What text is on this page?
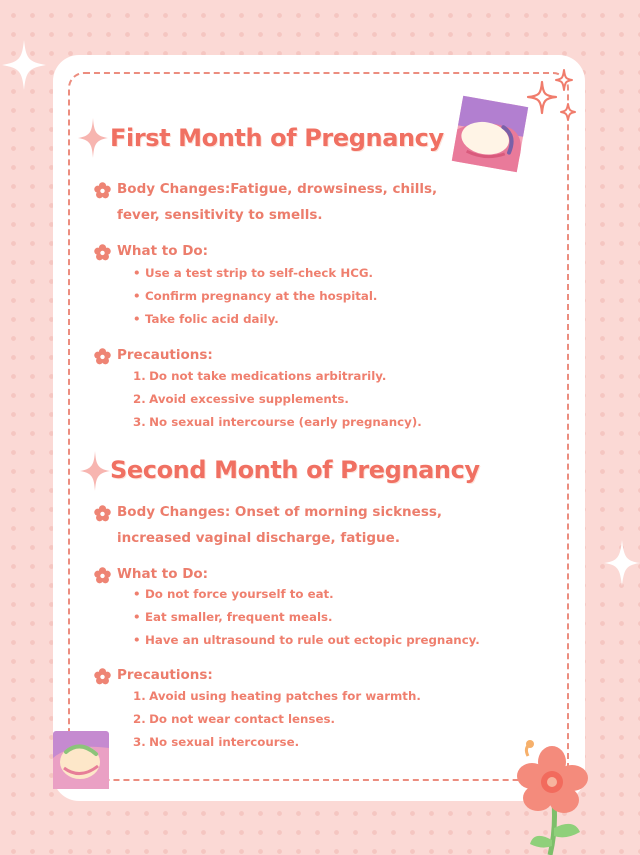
First Month of Pregnancy
Body Changes:Fatigue, drowsiness, chills, fever, sensitivity to smells.
What to Do:
• Use a test strip to self-check HCG.
• Confirm pregnancy at the hospital.
• Take folic acid daily.
Precautions:
1. Do not take medications arbitrarily.
2. Avoid excessive supplements.
3. No sexual intercourse (early pregnancy).
Second Month of Pregnancy
Body Changes: Onset of morning sickness, increased vaginal discharge, fatigue.
What to Do:
• Do not force yourself to eat.
• Eat smaller, frequent meals.
• Have an ultrasound to rule out ectopic pregnancy.
Precautions:
1. Avoid using heating patches for warmth.
2. Do not wear contact lenses.
3. No sexual intercourse.
